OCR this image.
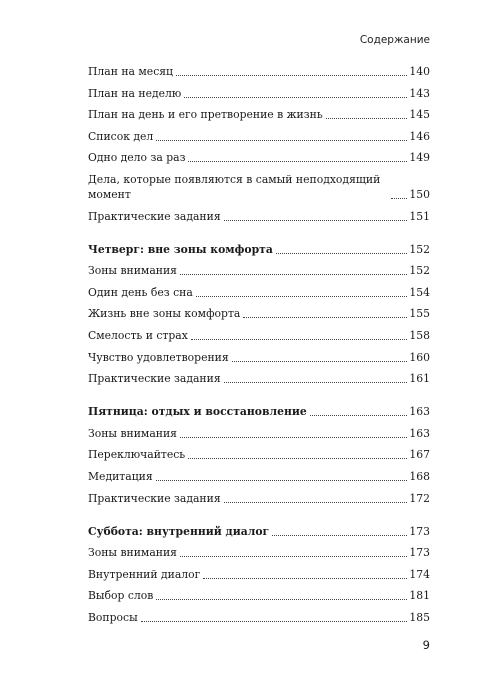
Содержание
План на месяц	140
План на неделю	143
План на день и его претворение в жизнь	145
Список дел	146
Одно дело за раз	149
Дела, которые появляются в самый неподходящий момент	150
Практические задания	151
Четверг: вне зоны комфорта	152
Зоны внимания	152
Один день без сна	154
Жизнь вне зоны комфорта	155
Смелость и страх	158
Чувство удовлетворения	160
Практические задания	161
Пятница: отдых и восстановление	163
Зоны внимания	163
Переключайтесь	167
Медитация	168
Практические задания	172
Суббота: внутренний диалог	173
Зоны внимания	173
Внутренний диалог	174
Выбор слов	181
Вопросы	185
9
